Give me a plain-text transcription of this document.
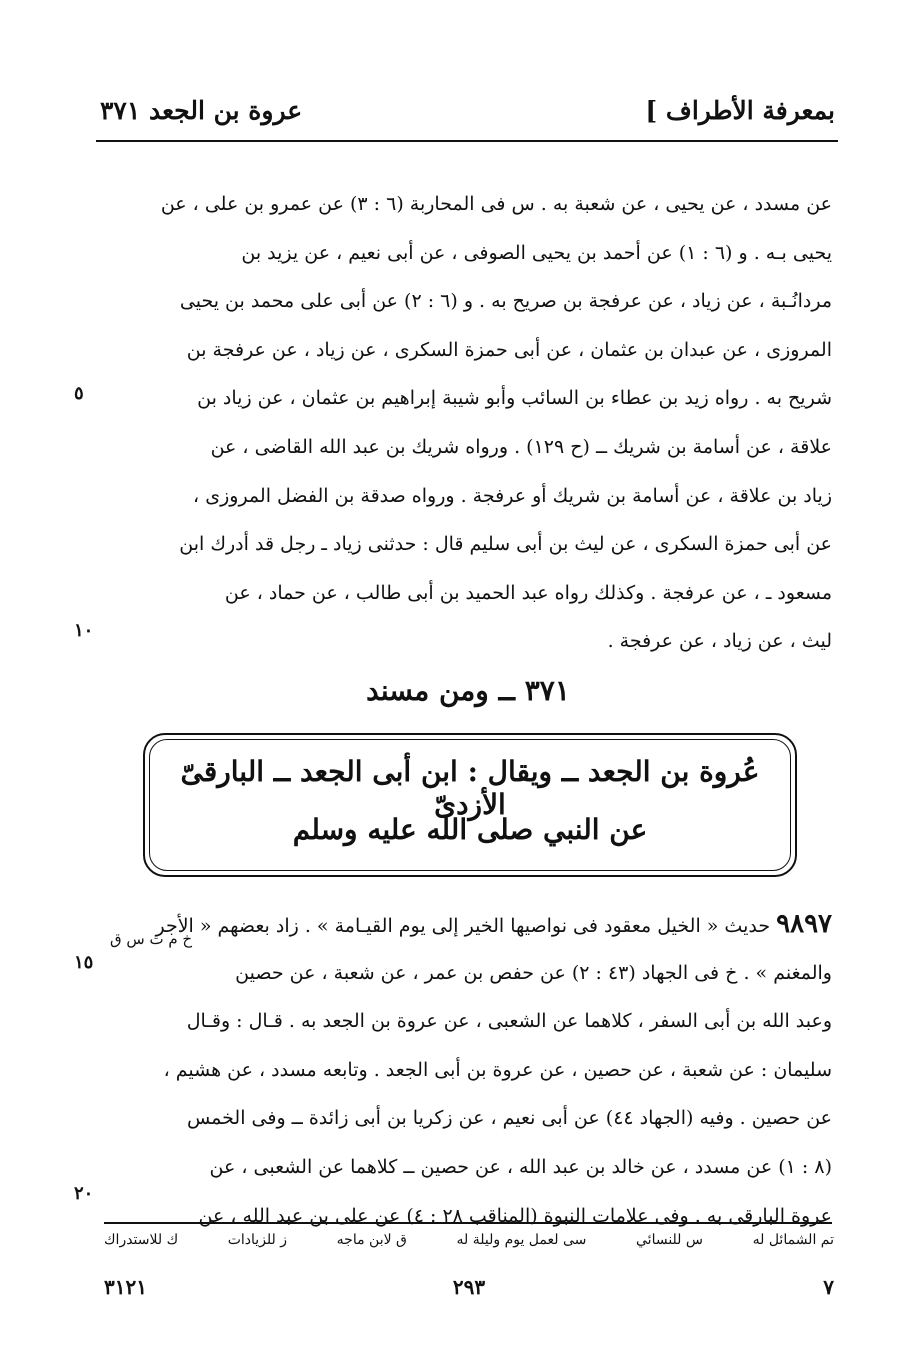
بمعرفة الأطراف ]
عروة بن الجعد ٣٧١
عن مسدد ، عن يحيى ، عن شعبة به . س فى المحاربة (٦ : ٣) عن عمرو بن على ، عن
يحيى بـه . و (٦ : ١) عن أحمد بن يحيى الصوفى ، عن أبى نعيم ، عن يزيد بن
مردانُـبة ، عن زياد ، عن عرفجة بن صريح به . و (٦ : ٢) عن أبى على محمد بن يحيى
المروزى ، عن عبدان بن عثمان ، عن أبى حمزة السكرى ، عن زياد ، عن عرفجة بن
شريح به . رواه زيد بن عطاء بن السائب وأبو شيبة إبراهيم بن عثمان ، عن زياد بن
علاقة ، عن أسامة بن شريك ــ (ح ١٢٩) . ورواه شريك بن عبد الله القاضى ، عن
زياد بن علاقة ، عن أسامة بن شريك أو عرفجة . ورواه صدقة بن الفضل المروزى ،
عن أبى حمزة السكرى ، عن ليث بن أبى سليم قال : حدثنى زياد ـ رجل قد أدرك ابن
مسعود ـ ، عن عرفجة . وكذلك رواه عبد الحميد بن أبى طالب ، عن حماد ، عن
ليث ، عن زياد ، عن عرفجة .
٥
١٠
٣٧١ ــ ومن مسند
عُروة بن الجعد ــ ويقال : ابن أبى الجعد ــ البارقىّ الأزدىّ
عن النبي صلى الله عليه وسلم
٩٨٩٧ حديث « الخيل معقود فى نواصيها الخير إلى يوم القيـامة » . زاد بعضهم « الأجر
والمغنم » . خ فى الجهاد (٤٣ : ٢) عن حفص بن عمر ، عن شعبة ، عن حصين
وعبد الله بن أبى السفر ، كلاهما عن الشعبى ، عن عروة بن الجعد به . قـال : وقـال
سليمان : عن شعبة ، عن حصين ، عن عروة بن أبى الجعد . وتابعه مسدد ، عن هشيم ،
عن حصين . وفيه (الجهاد ٤٤) عن أبى نعيم ، عن زكريا بن أبى زائدة ــ وفى الخمس
(٨ : ١) عن مسدد ، عن خالد بن عبد الله ، عن حصين ــ كلاهما عن الشعبى ، عن
عروة البارقى به . وفى علامات النبوة (المناقب ٢٨ : ٤) عن على بن عبد الله ، عن
خ م ت س ق
١٥
٢٠
تم الشمائل له
س للنسائي
سى لعمل يوم وليلة له
ق لابن ماجه
ز للزيادات
ك للاستدراك
٧
٢٩٣
٣١٢١
